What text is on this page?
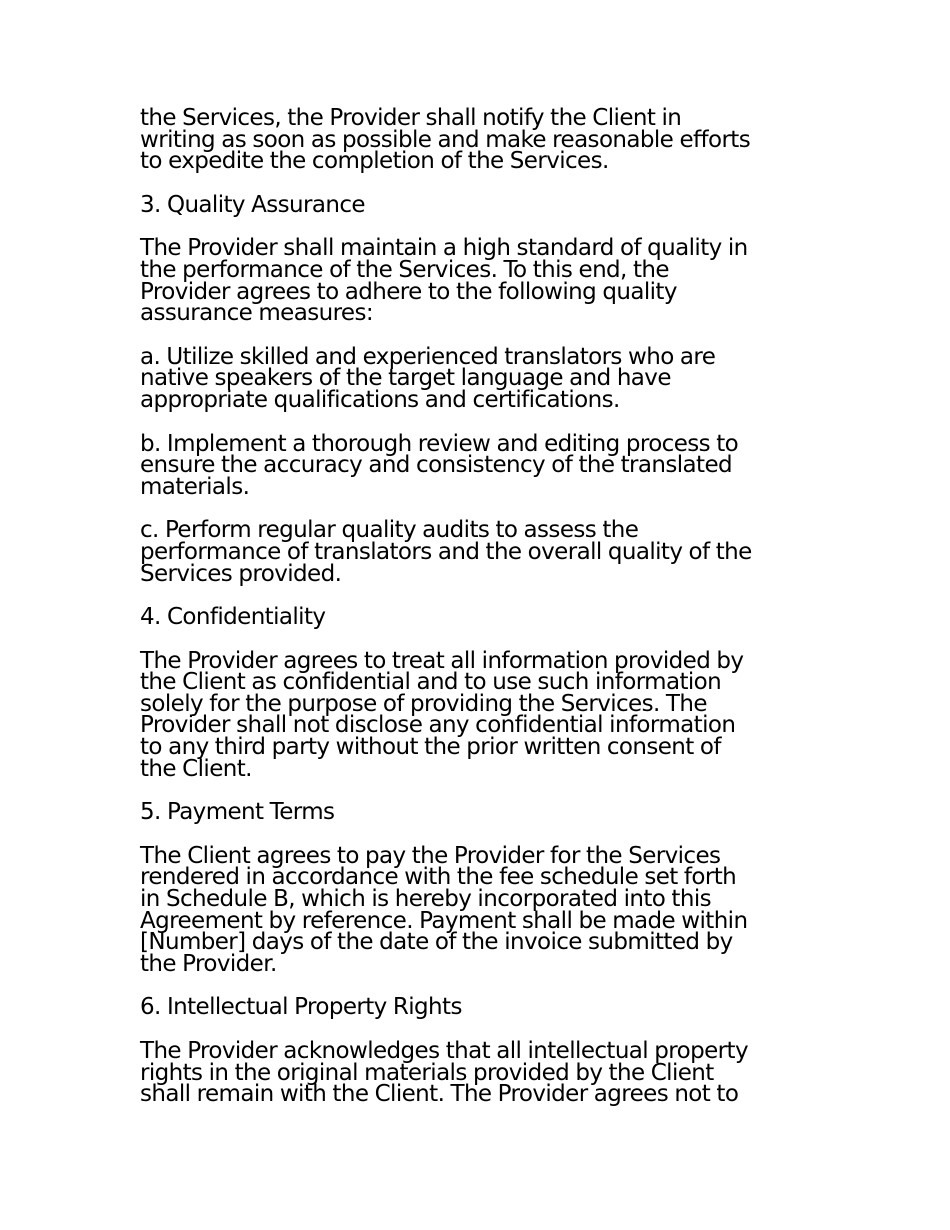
the Services, the Provider shall notify the Client in
writing as soon as possible and make reasonable efforts
to expedite the completion of the Services.

3. Quality Assurance

The Provider shall maintain a high standard of quality in
the performance of the Services. To this end, the
Provider agrees to adhere to the following quality
assurance measures:

a. Utilize skilled and experienced translators who are
native speakers of the target language and have
appropriate qualifications and certifications.

b. Implement a thorough review and editing process to
ensure the accuracy and consistency of the translated
materials.

c. Perform regular quality audits to assess the
performance of translators and the overall quality of the
Services provided.

4. Confidentiality

The Provider agrees to treat all information provided by
the Client as confidential and to use such information
solely for the purpose of providing the Services. The
Provider shall not disclose any confidential information
to any third party without the prior written consent of
the Client.

5. Payment Terms

The Client agrees to pay the Provider for the Services
rendered in accordance with the fee schedule set forth
in Schedule B, which is hereby incorporated into this
Agreement by reference. Payment shall be made within
[Number] days of the date of the invoice submitted by
the Provider.

6. Intellectual Property Rights

The Provider acknowledges that all intellectual property
rights in the original materials provided by the Client
shall remain with the Client. The Provider agrees not to
